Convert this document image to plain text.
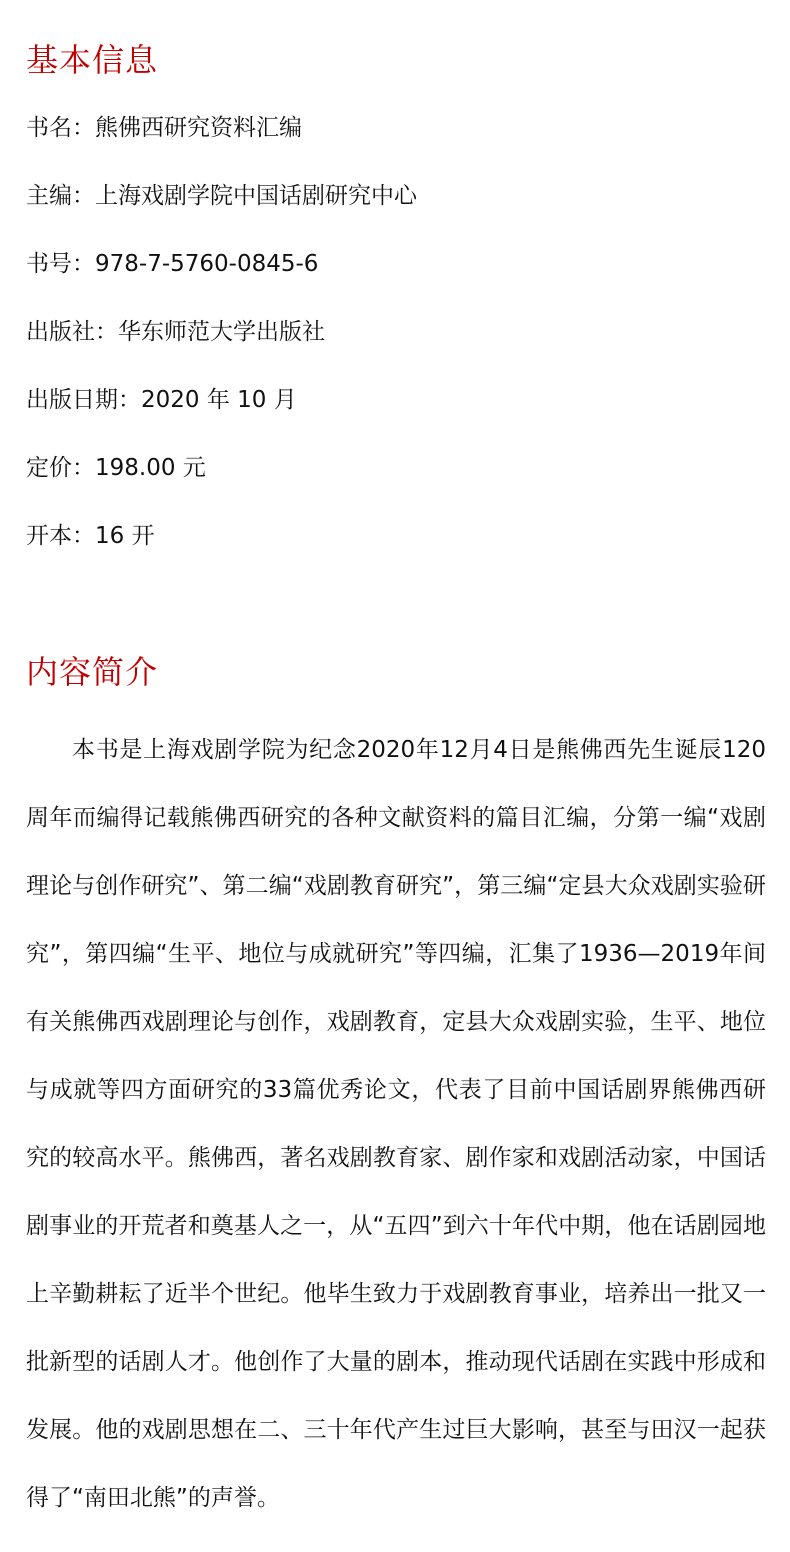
基本信息
书名：熊佛西研究资料汇编
主编：上海戏剧学院中国话剧研究中心
书号：978-7-5760-0845-6
出版社：华东师范大学出版社
出版日期：2020 年 10 月
定价：198.00 元
开本：16 开
内容简介

本书是上海戏剧学院为纪念2020年12月4日是熊佛西先生诞辰120周年而编得记载熊佛西研究的各种文献资料的篇目汇编，分第一编“戏剧理论与创作研究”、第二编“戏剧教育研究”，第三编“定县大众戏剧实验研究”，第四编“生平、地位与成就研究”等四编，汇集了1936—2019年间有关熊佛西戏剧理论与创作，戏剧教育，定县大众戏剧实验，生平、地位与成就等四方面研究的33篇优秀论文，代表了目前中国话剧界熊佛西研究的较高水平。熊佛西，著名戏剧教育家、剧作家和戏剧活动家，中国话剧事业的开荒者和奠基人之一，从“五四”到六十年代中期，他在话剧园地上辛勤耕耘了近半个世纪。他毕生致力于戏剧教育事业，培养出一批又一批新型的话剧人才。他创作了大量的剧本，推动现代话剧在实践中形成和发展。他的戏剧思想在二、三十年代产生过巨大影响，甚至与田汉一起获得了“南田北熊”的声誉。
